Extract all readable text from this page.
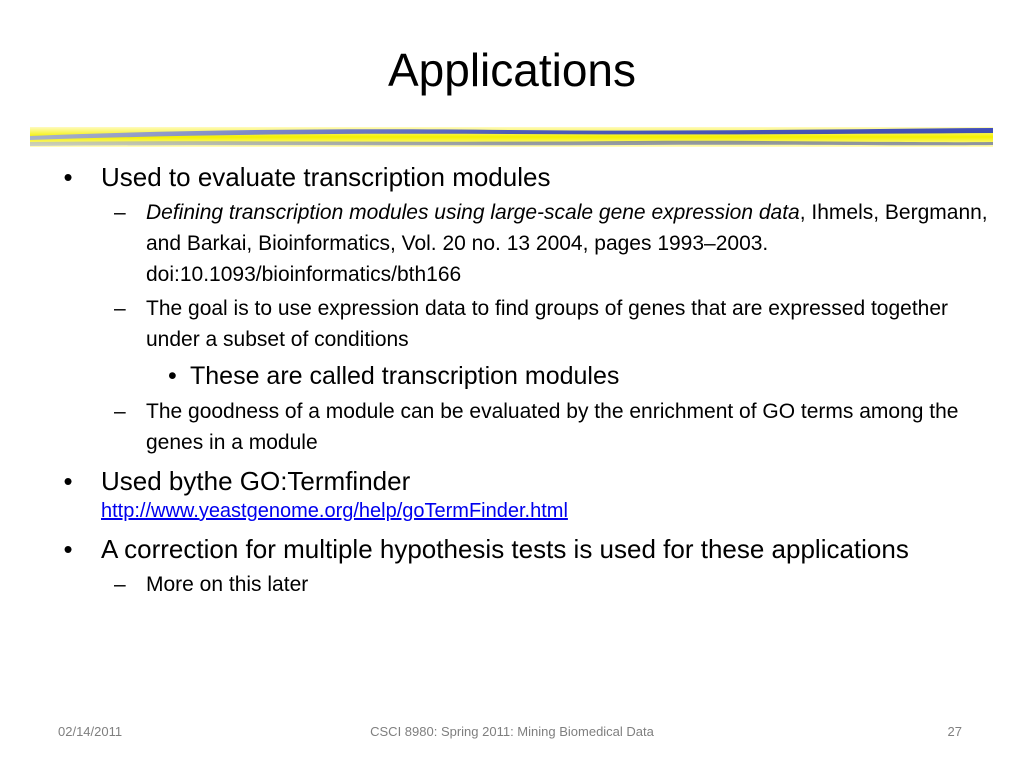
Applications
• Used to evaluate transcription modules
– Defining transcription modules using large-scale gene expression data, Ihmels, Bergmann, and Barkai, Bioinformatics, Vol. 20 no. 13 2004, pages 1993–2003. doi:10.1093/bioinformatics/bth166
– The goal is to use expression data to find groups of genes that are expressed together under a subset of conditions
• These are called transcription modules
– The goodness of a module can be evaluated by the enrichment of GO terms among the genes in a module
• Used bythe GO:Termfinder
http://www.yeastgenome.org/help/goTermFinder.html
• A correction for multiple hypothesis tests is used for these applications
– More on this later
02/14/2011	CSCI 8980: Spring 2011: Mining Biomedical Data	27
